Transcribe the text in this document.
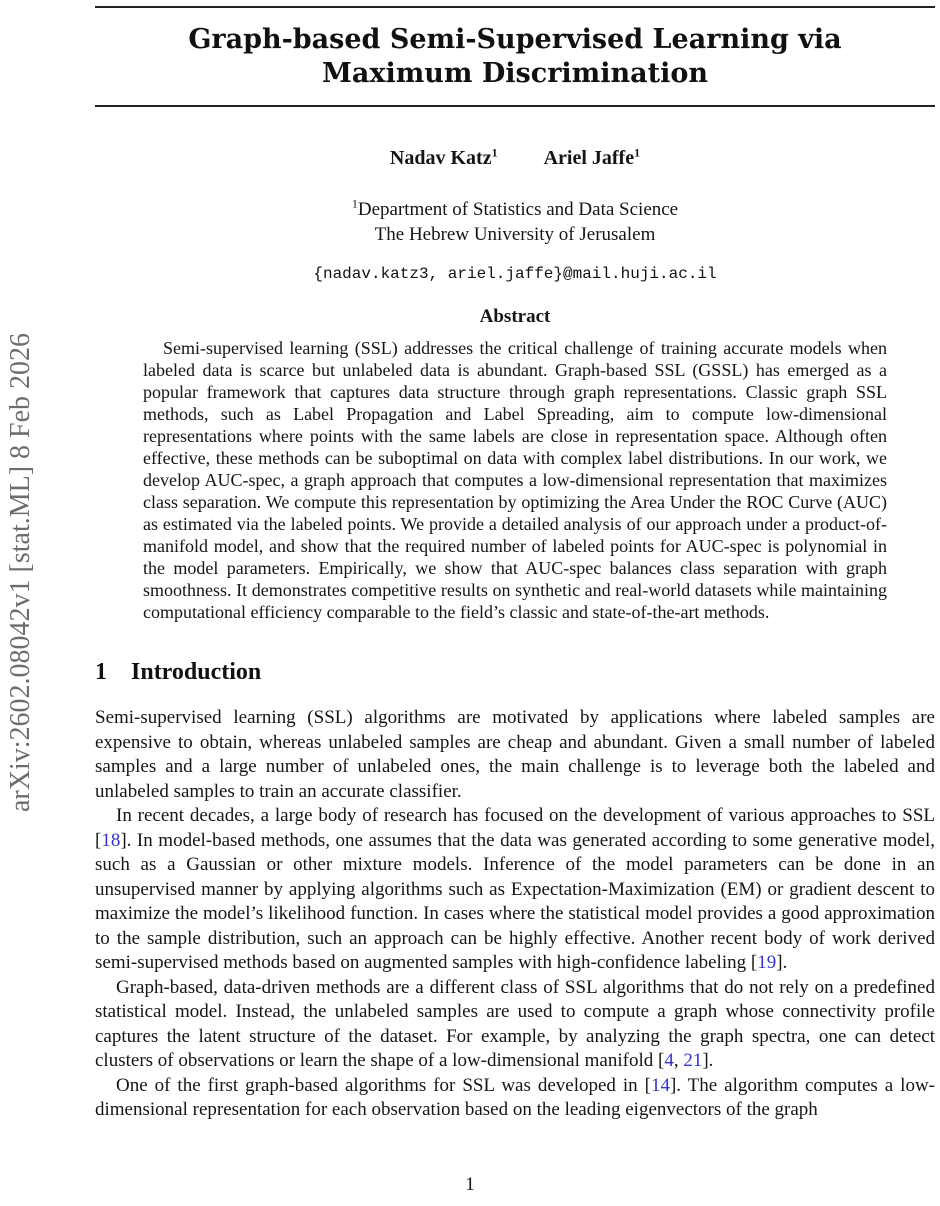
arXiv:2602.08042v1 [stat.ML] 8 Feb 2026
Graph-based Semi-Supervised Learning via Maximum Discrimination
Nadav Katz$^1$ Ariel Jaffe$^1$
$^1$Department of Statistics and Data Science
The Hebrew University of Jerusalem
{nadav.katz3, ariel.jaffe}@mail.huji.ac.il
Abstract
Semi-supervised learning (SSL) addresses the critical challenge of training accurate models when labeled data is scarce but unlabeled data is abundant. Graph-based SSL (GSSL) has emerged as a popular framework that captures data structure through graph representations. Classic graph SSL methods, such as Label Propagation and Label Spreading, aim to compute low-dimensional representations where points with the same labels are close in representation space. Although often effective, these methods can be suboptimal on data with complex label distributions. In our work, we develop AUC-spec, a graph approach that computes a low-dimensional representation that maximizes class separation. We compute this representation by optimizing the Area Under the ROC Curve (AUC) as estimated via the labeled points. We provide a detailed analysis of our approach under a product-of-manifold model, and show that the required number of labeled points for AUC-spec is polynomial in the model parameters. Empirically, we show that AUC-spec balances class separation with graph smoothness. It demonstrates competitive results on synthetic and real-world datasets while maintaining computational efficiency comparable to the field’s classic and state-of-the-art methods.
1 Introduction

Semi-supervised learning (SSL) algorithms are motivated by applications where labeled samples are expensive to obtain, whereas unlabeled samples are cheap and abundant. Given a small number of labeled samples and a large number of unlabeled ones, the main challenge is to leverage both the labeled and unlabeled samples to train an accurate classifier.

In recent decades, a large body of research has focused on the development of various approaches to SSL [18]. In model-based methods, one assumes that the data was generated according to some generative model, such as a Gaussian or other mixture models. Inference of the model parameters can be done in an unsupervised manner by applying algorithms such as Expectation-Maximization (EM) or gradient descent to maximize the model’s likelihood function. In cases where the statistical model provides a good approximation to the sample distribution, such an approach can be highly effective. Another recent body of work derived semi-supervised methods based on augmented samples with high-confidence labeling [19].

Graph-based, data-driven methods are a different class of SSL algorithms that do not rely on a predefined statistical model. Instead, the unlabeled samples are used to compute a graph whose connectivity profile captures the latent structure of the dataset. For example, by analyzing the graph spectra, one can detect clusters of observations or learn the shape of a low-dimensional manifold [4, 21].

One of the first graph-based algorithms for SSL was developed in [14]. The algorithm computes a low-dimensional representation for each observation based on the leading eigenvectors of the graph

1
